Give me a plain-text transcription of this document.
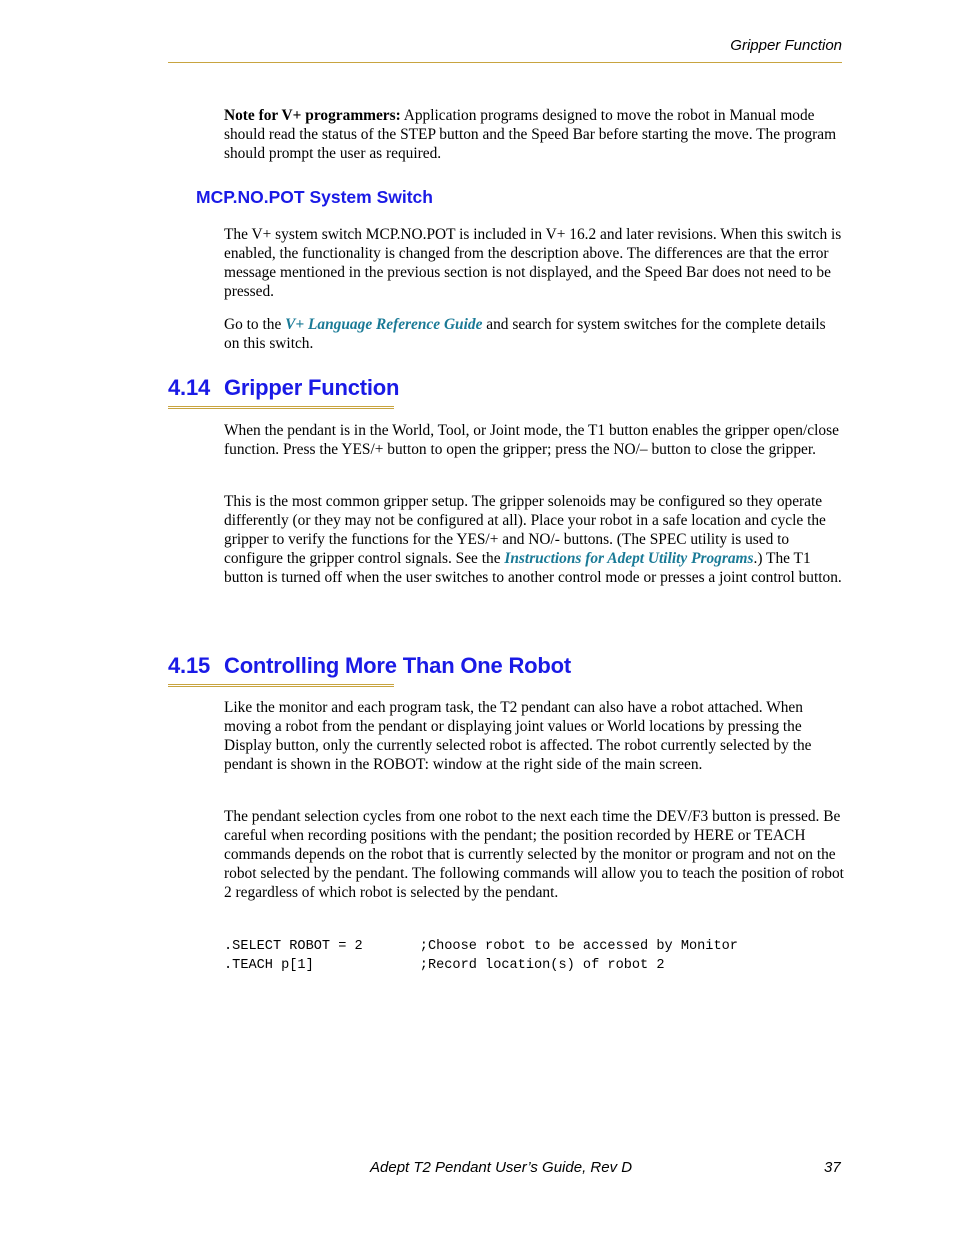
Gripper Function

Note for V+ programmers: Application programs designed to move the robot in Manual mode should read the status of the STEP button and the Speed Bar before starting the move. The program should prompt the user as required.

MCP.NO.POT System Switch

The V+ system switch MCP.NO.POT is included in V+ 16.2 and later revisions. When this switch is enabled, the functionality is changed from the description above. The differences are that the error message mentioned in the previous section is not displayed, and the Speed Bar does not need to be pressed.

Go to the V+ Language Reference Guide and search for system switches for the complete details on this switch.

4.14 Gripper Function

When the pendant is in the World, Tool, or Joint mode, the T1 button enables the gripper open/close function. Press the YES/+ button to open the gripper; press the NO/– button to close the gripper.

This is the most common gripper setup. The gripper solenoids may be configured so they operate differently (or they may not be configured at all). Place your robot in a safe location and cycle the gripper to verify the functions for the YES/+ and NO/- buttons. (The SPEC utility is used to configure the gripper control signals. See the Instructions for Adept Utility Programs.) The T1 button is turned off when the user switches to another control mode or presses a joint control button.

4.15 Controlling More Than One Robot

Like the monitor and each program task, the T2 pendant can also have a robot attached. When moving a robot from the pendant or displaying joint values or World locations by pressing the Display button, only the currently selected robot is affected. The robot currently selected by the pendant is shown in the ROBOT: window at the right side of the main screen.

The pendant selection cycles from one robot to the next each time the DEV/F3 button is pressed. Be careful when recording positions with the pendant; the position recorded by HERE or TEACH commands depends on the robot that is currently selected by the monitor or program and not on the robot selected by the pendant. The following commands will allow you to teach the position of robot 2 regardless of which robot is selected by the pendant.

.SELECT ROBOT = 2       ;Choose robot to be accessed by Monitor
.TEACH p[1]             ;Record location(s) of robot 2
Adept T2 Pendant User’s Guide, Rev D	37
